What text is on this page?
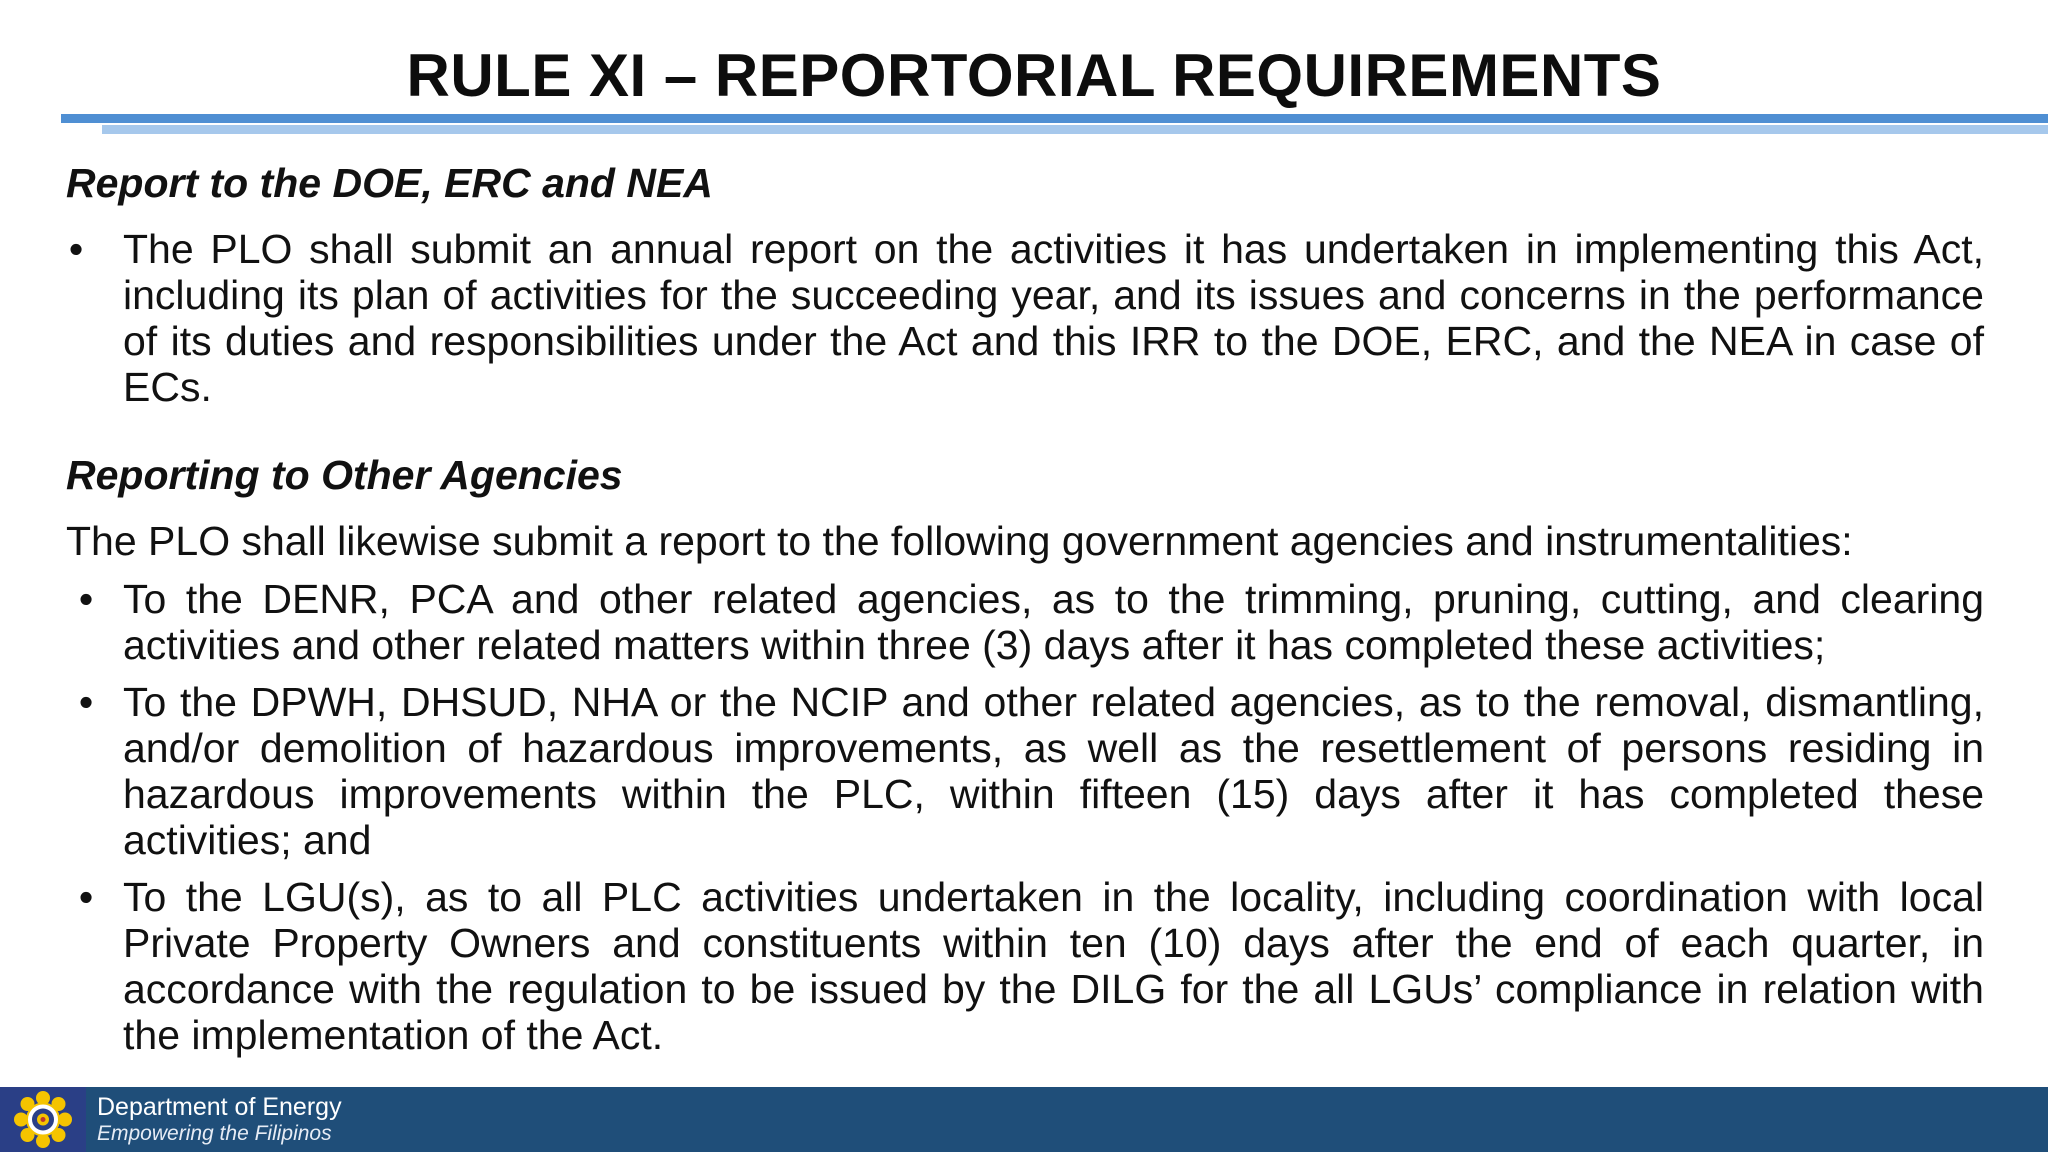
RULE XI – REPORTORIAL REQUIREMENTS
Report to the DOE, ERC and NEA
• The PLO shall submit an annual report on the activities it has undertaken in implementing this Act, including its plan of activities for the succeeding year, and its issues and concerns in the performance of its duties and responsibilities under the Act and this IRR to the DOE, ERC, and the NEA in case of ECs.
Reporting to Other Agencies
The PLO shall likewise submit a report to the following government agencies and instrumentalities:
• To the DENR, PCA and other related agencies, as to the trimming, pruning, cutting, and clearing activities and other related matters within three (3) days after it has completed these activities;
• To the DPWH, DHSUD, NHA or the NCIP and other related agencies, as to the removal, dismantling, and/or demolition of hazardous improvements, as well as the resettlement of persons residing in hazardous improvements within the PLC, within fifteen (15) days after it has completed these activities; and
• To the LGU(s), as to all PLC activities undertaken in the locality, including coordination with local Private Property Owners and constituents within ten (10) days after the end of each quarter, in accordance with the regulation to be issued by the DILG for the all LGUs’ compliance in relation with the implementation of the Act.
Department of Energy
Empowering the Filipinos
